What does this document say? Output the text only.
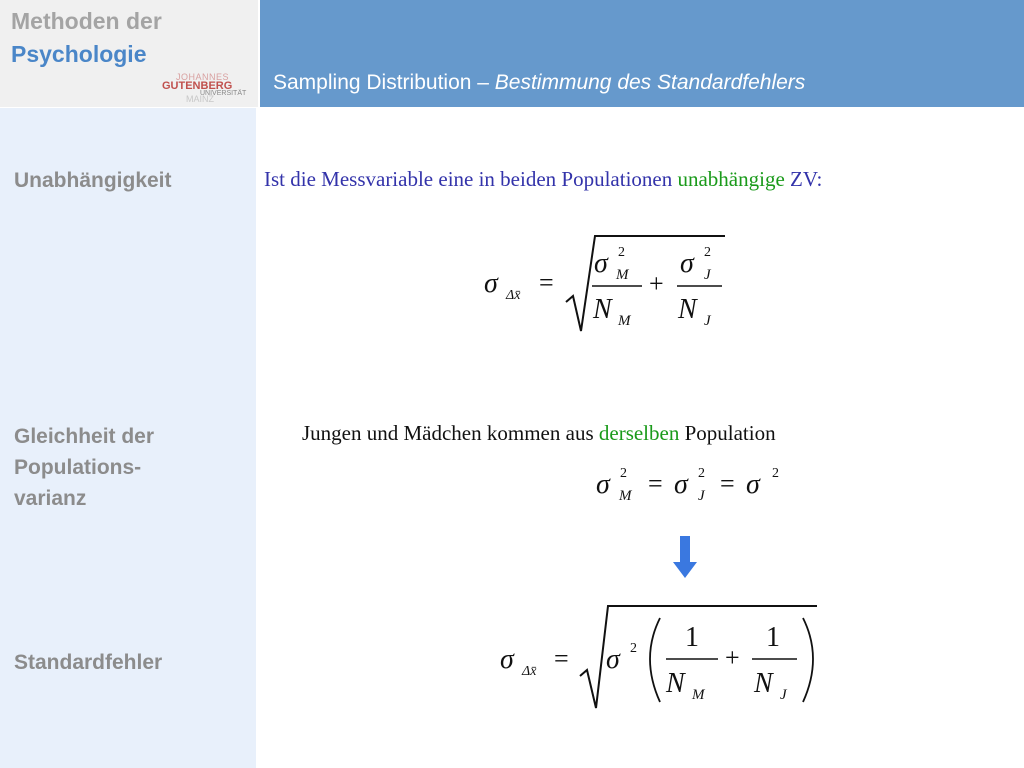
Methoden der
Psychologie
JOHANNES
GUTENBERG
UNIVERSITÄT
MAINZ
Sampling Distribution – Bestimmung des Standardfehlers
Unabhängigkeit
Gleichheit der
Populations-
varianz
Standardfehler
Ist die Messvariable eine in beiden Populationen unabhängige ZV:
σ Δx̄ =
σ 2
M
N M
+
σ 2
J
N J
Jungen und Mädchen kommen aus derselben Population
σ 2
M = σ 2
J = σ 2
σ Δx̄ = σ 2 1
N M
+
1
N J
